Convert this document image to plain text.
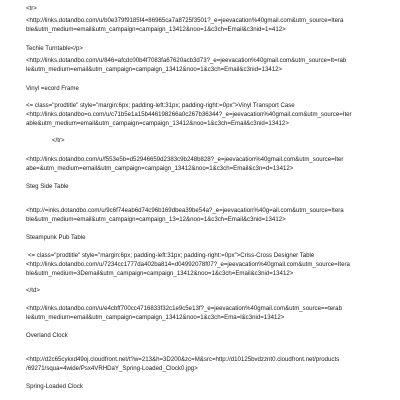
<tr>
<http://links.dotandbo.com/u/b0e379f9185f4=86965ca7a8725f3501?_e=jeevacation%40gmail.com&utm_source=Itera
ble&utm_medium=email&utm_campaign=campaign_13412&noo=1&c3ch=Email&c3nid=1=412>
Techie Turntable</p>
<http://links.dotandbo.com/u/846=afcdc00b4f7083fa67620acb3d73?_e=jeevacation%40gmail.com&utm_source=It=rab
le&utm_medium=email&utm_campaign=campaign_13412&noo=1&c3ch=Email&c3nid=13412>
Vinyl =ecord Frame
<= class="prodtitle" style="margin:6px; padding-left:31px; padding-right:=0px">Vinyl Transport Case
<http://links.dotandbo=o.com/u/c71b5e1a15b446198266a0c267b36344?_e=jeevacation%40gmail.com&utm_source=Iter
able&utm_medium=email&utm_campaign=campaign_13412&noo=1&c3ch=Email&c3nid=13412>
</tr>
<http://links.dotandbo.com/u/f553e5b=d52946659d2383c9b248b828?_e=jeevacation%40gmail.com&utm_source=Iter
abe=&utm_medium=email&utm_campaign=campaign_13412&noo=1&c3ch=Email&c3n=d=13412>
Steg Side Table
<http://=inks.dotandbo.com/u/9c6f74eab6d74c96b169dbea39be54a?_e=jeevacation%40g=ail.com&utm_source=Itera
ble&utm_medium=email&utm_campaign=campaign_13=12&noo=1&c3ch=Email&c3nid=13412>
Steampunk Pub Table
<= class="prodtitle" style="margin:6px; padding-left:31px; padding-right:=0px">Criss-Cross Designer Table
<http://links.dotandbo.com/u/7234cc1777da402ba814=d04992078f07?_e=jeevacation%40gmail.com&utm_source=Itera
ble&utm_medium=3Demail&utm_campaign=campaign_13412&noo=1&c3ch=Email&c3nid=13412>
</td>
<http://links.dotandbo.com/u/e4cbff700cc4716833f32c1e9c5e13f?_e=jeevacation%40gmail.com&utm_source==terab
le&utm_medium=email&utm_campaign=campaign_13412&noo=1&c3ch=Ema=l&c3nid=13412>
Overland Clock
<http://d2c65cykxd49oj.cloudfront.net/t?w=213&h=3D200&zc=M&src=http://d10125bvdzznt0.cloudfront.net/products
/69271/squa=4wide/Psx4VRHDaY_Spring-Loaded_Clock0.jpg>
Spring-Loaded Clock
